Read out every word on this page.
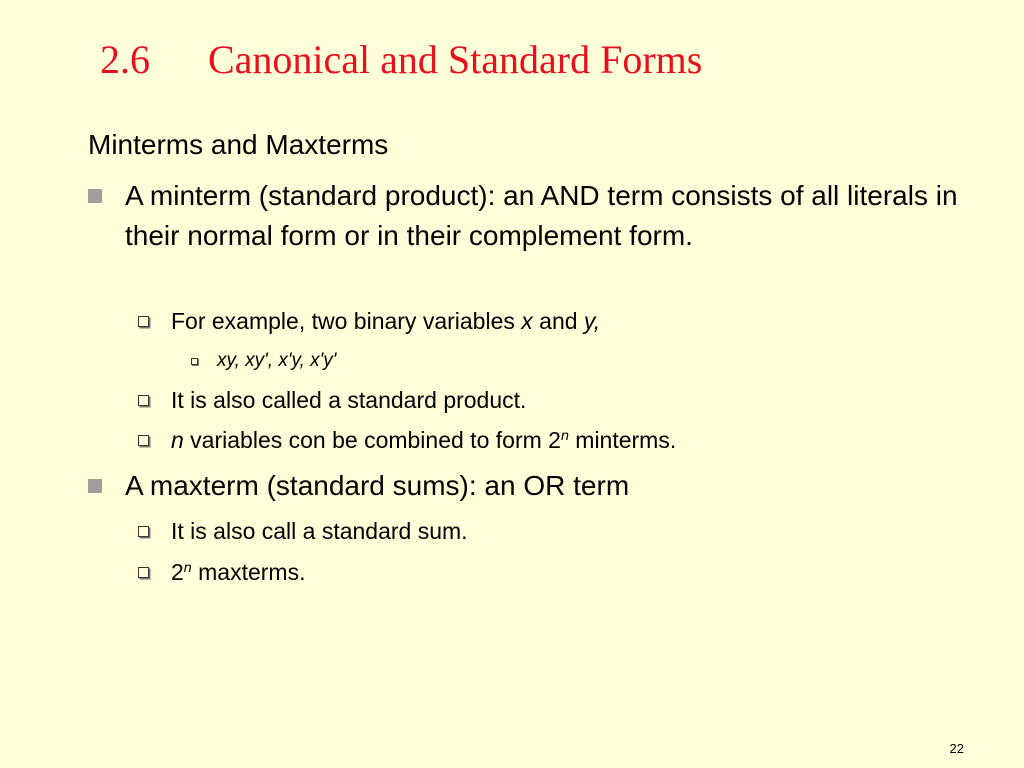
2.6 Canonical and Standard Forms
Minterms and Maxterms
A minterm (standard product): an AND term consists of all literals in their normal form or in their complement form.
For example, two binary variables x and y,
xy, xy', x'y, x'y'
It is also called a standard product.
n variables con be combined to form 2$^n$ minterms.
A maxterm (standard sums): an OR term
It is also call a standard sum.
2$^n$ maxterms.
22
